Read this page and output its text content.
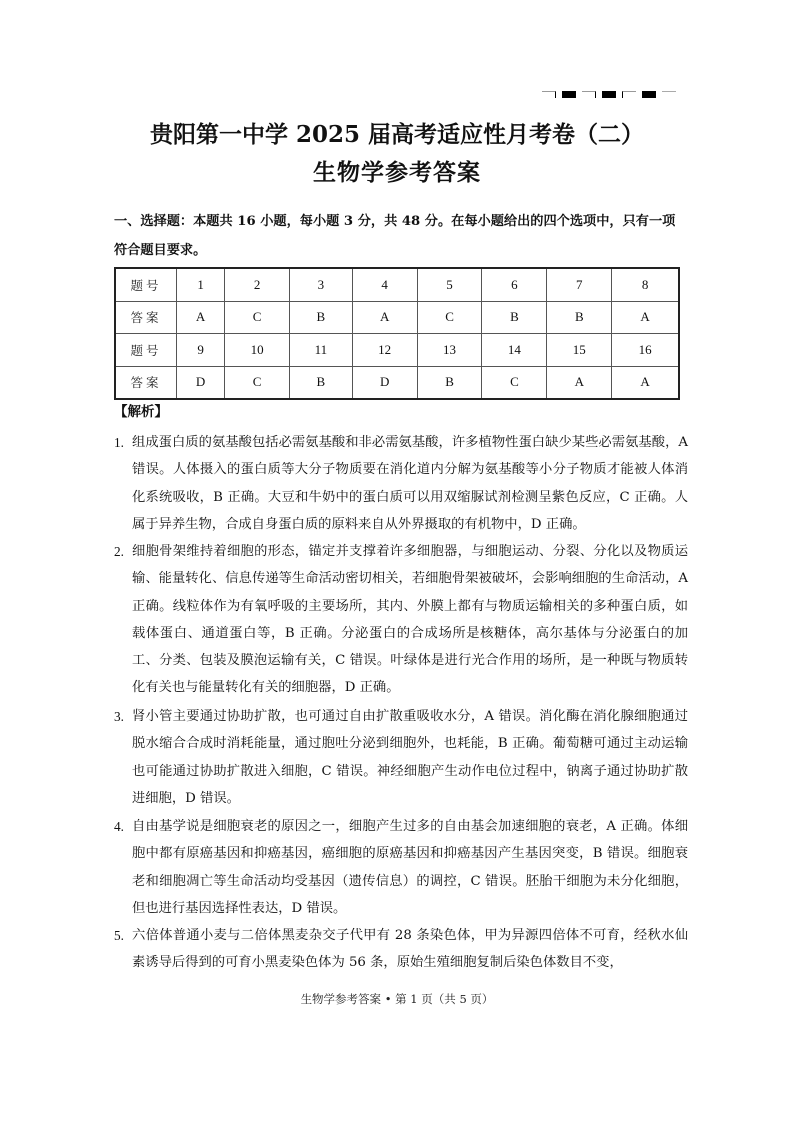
贵阳第一中学 2025 届高考适应性月考卷（二）
生物学参考答案
一、选择题：本题共 16 小题，每小题 3 分，共 48 分。在每小题给出的四个选项中，只有一项符合题目要求。
题号	1	2	3	4	5	6	7	8
答案	A	C	B	A	C	B	B	A
题号	9	10	11	12	13	14	15	16
答案	D	C	B	D	B	C	A	A
【解析】
1. 组成蛋白质的氨基酸包括必需氨基酸和非必需氨基酸，许多植物性蛋白缺少某些必需氨基酸，A 错误。人体摄入的蛋白质等大分子物质要在消化道内分解为氨基酸等小分子物质才能被人体消化系统吸收，B 正确。大豆和牛奶中的蛋白质可以用双缩脲试剂检测呈紫色反应，C 正确。人属于异养生物，合成自身蛋白质的原料来自从外界摄取的有机物中，D 正确。
2. 细胞骨架维持着细胞的形态，锚定并支撑着许多细胞器，与细胞运动、分裂、分化以及物质运输、能量转化、信息传递等生命活动密切相关，若细胞骨架被破坏，会影响细胞的生命活动，A 正确。线粒体作为有氧呼吸的主要场所，其内、外膜上都有与物质运输相关的多种蛋白质，如载体蛋白、通道蛋白等，B 正确。分泌蛋白的合成场所是核糖体，高尔基体与分泌蛋白的加工、分类、包装及膜泡运输有关，C 错误。叶绿体是进行光合作用的场所，是一种既与物质转化有关也与能量转化有关的细胞器，D 正确。
3. 肾小管主要通过协助扩散，也可通过自由扩散重吸收水分，A 错误。消化酶在消化腺细胞通过脱水缩合合成时消耗能量，通过胞吐分泌到细胞外，也耗能，B 正确。葡萄糖可通过主动运输也可能通过协助扩散进入细胞，C 错误。神经细胞产生动作电位过程中，钠离子通过协助扩散进细胞，D 错误。
4. 自由基学说是细胞衰老的原因之一，细胞产生过多的自由基会加速细胞的衰老，A 正确。体细胞中都有原癌基因和抑癌基因，癌细胞的原癌基因和抑癌基因产生基因突变，B 错误。细胞衰老和细胞凋亡等生命活动均受基因（遗传信息）的调控，C 错误。胚胎干细胞为未分化细胞，但也进行基因选择性表达，D 错误。
5. 六倍体普通小麦与二倍体黑麦杂交子代甲有 28 条染色体，甲为异源四倍体不可育，经秋水仙素诱导后得到的可育小黑麦染色体为 56 条，原始生殖细胞复制后染色体数目不变，
生物学参考答案 • 第 1 页（共 5 页）
